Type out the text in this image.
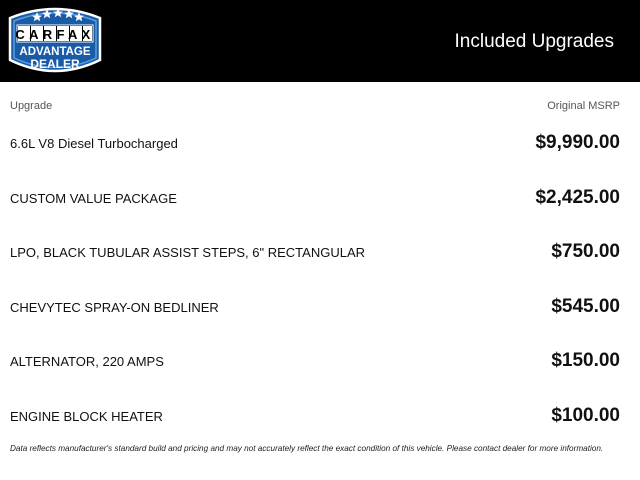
CARFAX
ADVANTAGE
DEALER
Included Upgrades
Upgrade	Original MSRP
6.6L V8 Diesel Turbocharged	$9,990.00
CUSTOM VALUE PACKAGE	$2,425.00
LPO, BLACK TUBULAR ASSIST STEPS, 6" RECTANGULAR	$750.00
CHEVYTEC SPRAY-ON BEDLINER	$545.00
ALTERNATOR, 220 AMPS	$150.00
ENGINE BLOCK HEATER	$100.00
Data reflects manufacturer's standard build and pricing and may not accurately reflect the exact condition of this vehicle. Please contact dealer for more information.
